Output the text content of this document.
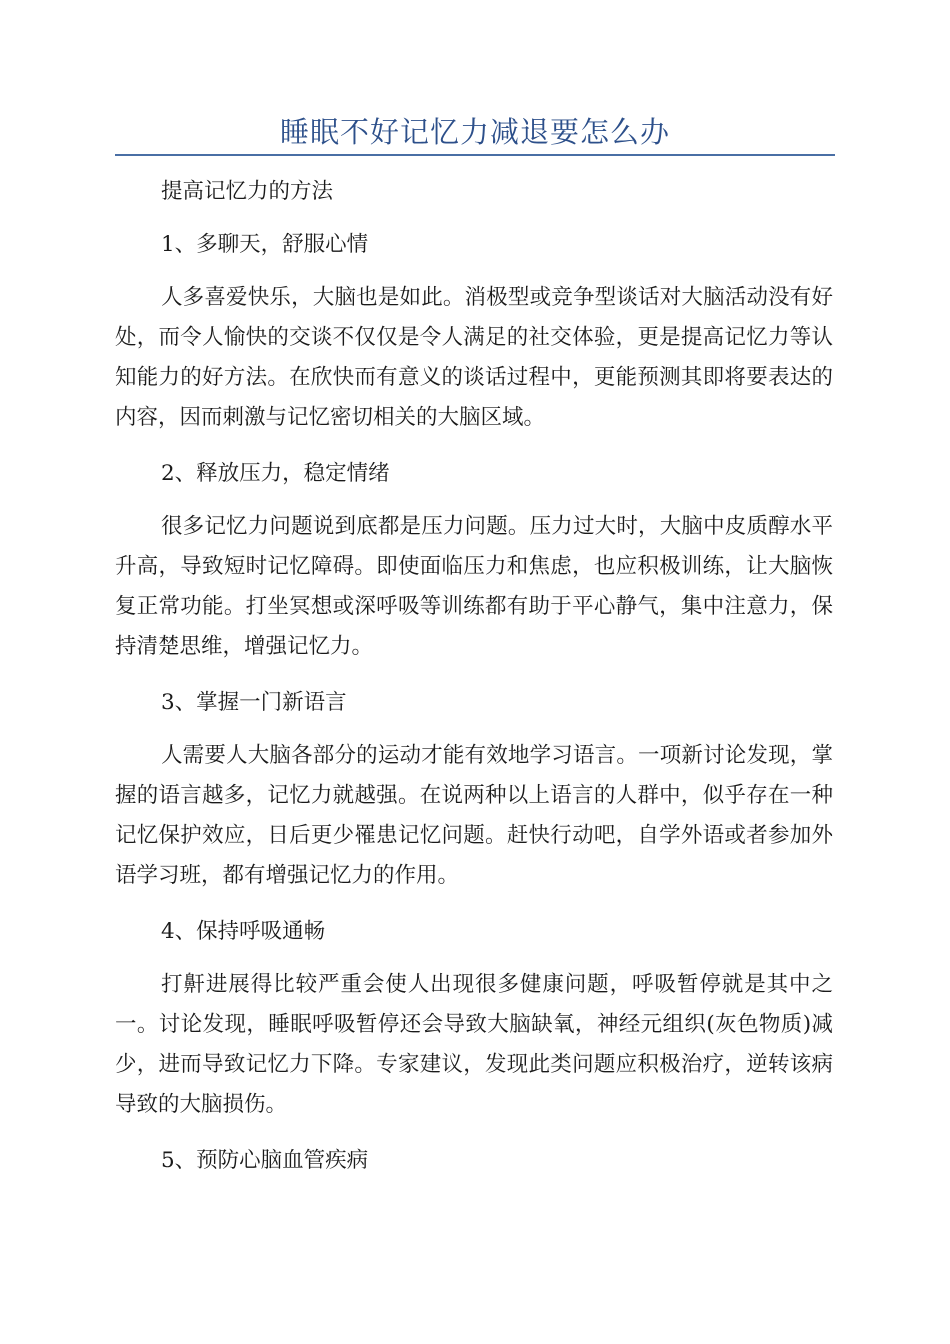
睡眠不好记忆力减退要怎么办

提高记忆力的方法

1、多聊天，舒服心情

人多喜爱快乐，大脑也是如此。消极型或竞争型谈话对大脑活动没有好处，而令人愉快的交谈不仅仅是令人满足的社交体验，更是提高记忆力等认知能力的好方法。在欣快而有意义的谈话过程中，更能预测其即将要表达的内容，因而刺激与记忆密切相关的大脑区域。

2、释放压力，稳定情绪

很多记忆力问题说到底都是压力问题。压力过大时，大脑中皮质醇水平升高，导致短时记忆障碍。即使面临压力和焦虑，也应积极训练，让大脑恢复正常功能。打坐冥想或深呼吸等训练都有助于平心静气，集中注意力，保持清楚思维，增强记忆力。

3、掌握一门新语言

人需要人大脑各部分的运动才能有效地学习语言。一项新讨论发现，掌握的语言越多，记忆力就越强。在说两种以上语言的人群中，似乎存在一种记忆保护效应，日后更少罹患记忆问题。赶快行动吧，自学外语或者参加外语学习班，都有增强记忆力的作用。

4、保持呼吸通畅

打鼾进展得比较严重会使人出现很多健康问题，呼吸暂停就是其中之一。讨论发现，睡眠呼吸暂停还会导致大脑缺氧，神经元组织(灰色物质)减少，进而导致记忆力下降。专家建议，发现此类问题应积极治疗，逆转该病导致的大脑损伤。

5、预防心脑血管疾病
